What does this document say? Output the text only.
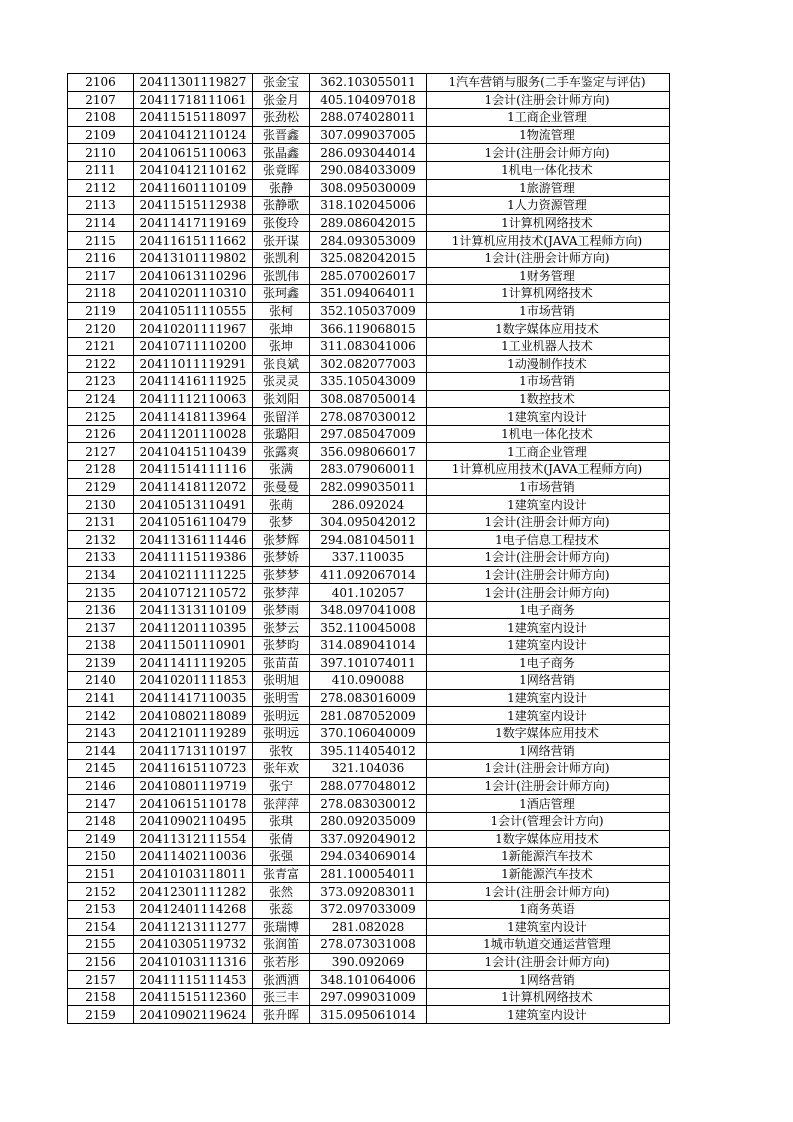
2106	20411301119827	张金宝	362.103055011	1汽车营销与服务(二手车鉴定与评估)
2107	20411718111061	张金月	405.104097018	1会计(注册会计师方向)
2108	20411515118097	张劲松	288.074028011	1工商企业管理
2109	20410412110124	张晋鑫	307.099037005	1物流管理
2110	20410615110063	张晶鑫	286.093044014	1会计(注册会计师方向)
2111	20410412110162	张竟晖	290.084033009	1机电一体化技术
2112	20411601110109	张静	308.095030009	1旅游管理
2113	20411515112938	张静歌	318.102045006	1人力资源管理
2114	20411417119169	张俊玲	289.086042015	1计算机网络技术
2115	20411615111662	张开谋	284.093053009	1计算机应用技术(JAVA工程师方向)
2116	20413101119802	张凯利	325.082042015	1会计(注册会计师方向)
2117	20410613110296	张凯伟	285.070026017	1财务管理
2118	20410201110310	张珂鑫	351.094064011	1计算机网络技术
2119	20410511110555	张柯	352.105037009	1市场营销
2120	20410201111967	张坤	366.119068015	1数字媒体应用技术
2121	20410711110200	张坤	311.083041006	1工业机器人技术
2122	20411011119291	张良斌	302.082077003	1动漫制作技术
2123	20411416111925	张灵灵	335.105043009	1市场营销
2124	20411112110063	张刘阳	308.087050014	1数控技术
2125	20411418113964	张留洋	278.087030012	1建筑室内设计
2126	20411201110028	张璐阳	297.085047009	1机电一体化技术
2127	20410415110439	张露爽	356.098066017	1工商企业管理
2128	20411514111116	张满	283.079060011	1计算机应用技术(JAVA工程师方向)
2129	20411418112072	张曼曼	282.099035011	1市场营销
2130	20410513110491	张萌	286.092024	1建筑室内设计
2131	20410516110479	张梦	304.095042012	1会计(注册会计师方向)
2132	20411316111446	张梦辉	294.081045011	1电子信息工程技术
2133	20411115119386	张梦娇	337.110035	1会计(注册会计师方向)
2134	20410211111225	张梦梦	411.092067014	1会计(注册会计师方向)
2135	20410712110572	张梦萍	401.102057	1会计(注册会计师方向)
2136	20411313110109	张梦雨	348.097041008	1电子商务
2137	20411201110395	张梦云	352.110045008	1建筑室内设计
2138	20411501110901	张梦昀	314.089041014	1建筑室内设计
2139	20411411119205	张苗苗	397.101074011	1电子商务
2140	20410201111853	张明旭	410.090088	1网络营销
2141	20411417110035	张明雪	278.083016009	1建筑室内设计
2142	20410802118089	张明远	281.087052009	1建筑室内设计
2143	20412101119289	张明远	370.106040009	1数字媒体应用技术
2144	20411713110197	张牧	395.114054012	1网络营销
2145	20411615110723	张年欢	321.104036	1会计(注册会计师方向)
2146	20410801119719	张宁	288.077048012	1会计(注册会计师方向)
2147	20410615110178	张萍萍	278.083030012	1酒店管理
2148	20410902110495	张琪	280.092035009	1会计(管理会计方向)
2149	20411312111554	张倩	337.092049012	1数字媒体应用技术
2150	20411402110036	张强	294.034069014	1新能源汽车技术
2151	20410103118011	张青富	281.100054011	1新能源汽车技术
2152	20412301111282	张然	373.092083011	1会计(注册会计师方向)
2153	20412401114268	张蕊	372.097033009	1商务英语
2154	20411213111277	张瑞博	281.082028	1建筑室内设计
2155	20410305119732	张润笛	278.073031008	1城市轨道交通运营管理
2156	20410103111316	张若彤	390.092069	1会计(注册会计师方向)
2157	20411115111453	张洒洒	348.101064006	1网络营销
2158	20411515112360	张三丰	297.099031009	1计算机网络技术
2159	20410902119624	张升晖	315.095061014	1建筑室内设计
